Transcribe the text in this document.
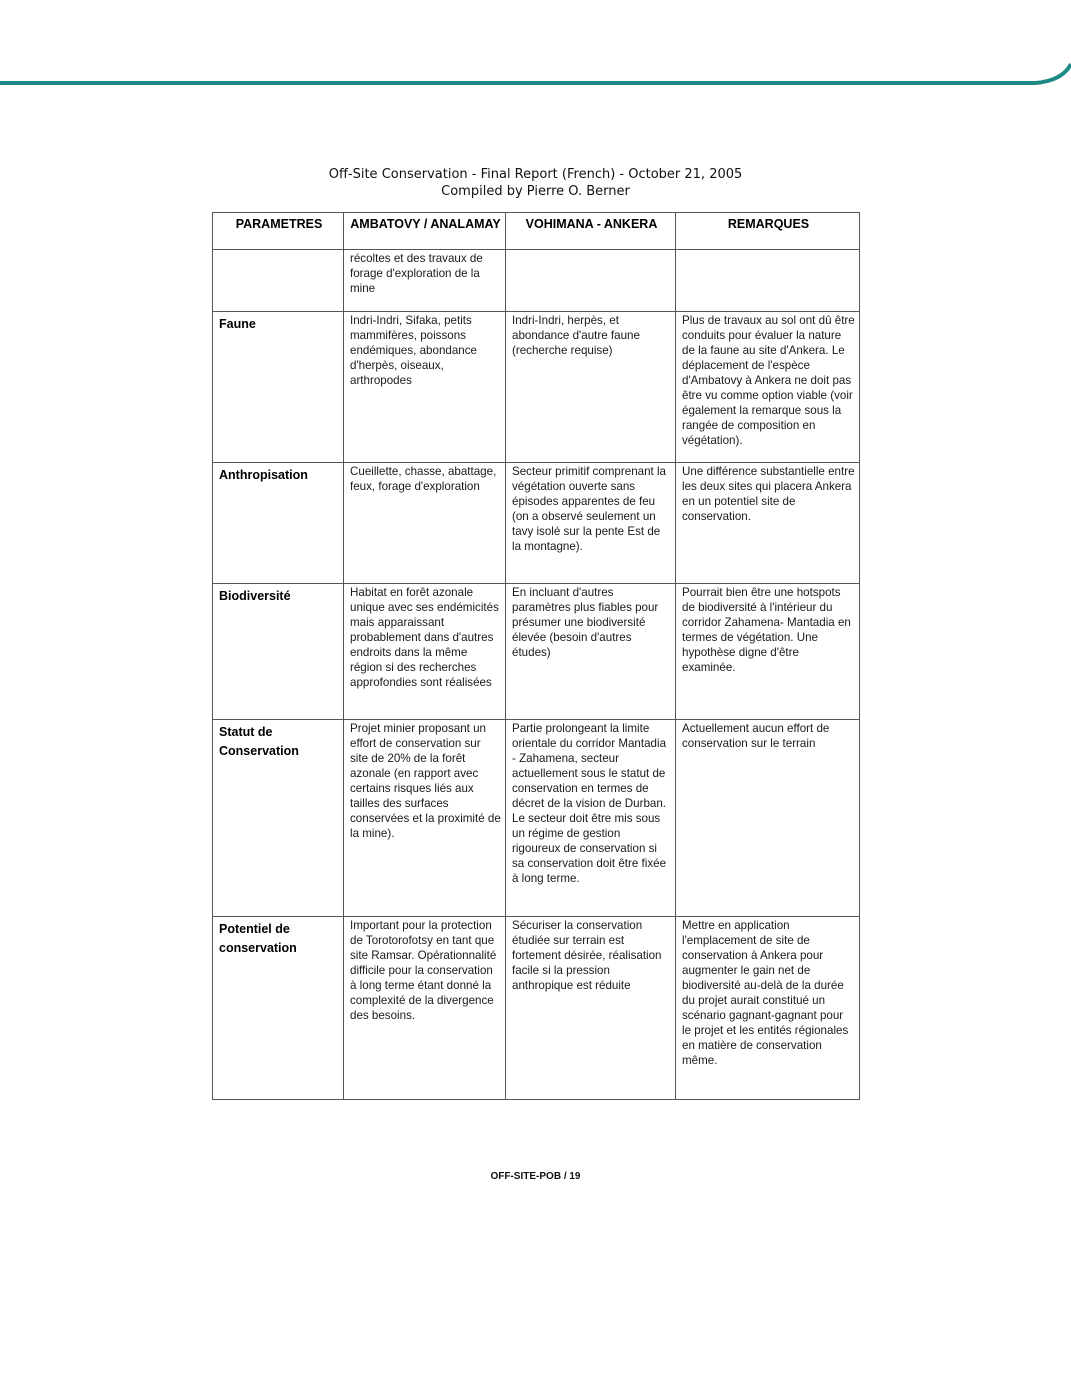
Off-Site Conservation - Final Report (French) - October 21, 2005
Compiled by Pierre O. Berner
PARAMETRES	AMBATOVY / ANALAMAY	VOHIMANA - ANKERA	REMARQUES
	récoltes et des travaux de forage d'exploration de la mine		
Faune	Indri-Indri, Sifaka, petits mammifères, poissons endémiques, abondance d'herpès, oiseaux, arthropodes	Indri-Indri, herpès, et abondance d'autre faune (recherche requise)	Plus de travaux au sol ont dû être conduits pour évaluer la nature de la faune au site d'Ankera. Le déplacement de l'espèce d'Ambatovy à Ankera ne doit pas être vu comme option viable (voir également la remarque sous la rangée de composition en végétation).
Anthropisation	Cueillette, chasse, abattage, feux, forage d'exploration	Secteur primitif comprenant la végétation ouverte sans épisodes apparentes de feu (on a observé seulement un tavy isolé sur la pente Est de la montagne).	Une différence substantielle entre les deux sites qui placera Ankera en un potentiel site de conservation.
Biodiversité	Habitat en forêt azonale unique avec ses endémicités mais apparaissant probablement dans d'autres endroits dans la même région si des recherches approfondies sont réalisées	En incluant d'autres paramètres plus fiables pour présumer une biodiversité élevée (besoin d'autres études)	Pourrait bien être une hotspots de biodiversité à l'intérieur du corridor Zahamena- Mantadia en termes de végétation. Une hypothèse digne d'être examinée.
Statut de Conservation	Projet minier proposant un effort de conservation sur site de 20% de la forêt azonale (en rapport avec certains risques liés aux tailles des surfaces conservées et la proximité de la mine).	Partie prolongeant la limite orientale du corridor Mantadia - Zahamena, secteur actuellement sous le statut de conservation en termes de décret de la vision de Durban. Le secteur doit être mis sous un régime de gestion rigoureux de conservation si sa conservation doit être fixée à long terme.	Actuellement aucun effort de conservation sur le terrain
Potentiel de conservation	Important pour la protection de Torotorofotsy en tant que site Ramsar. Opérationnalité difficile pour la conservation à long terme étant donné la complexité de la divergence des besoins.	Sécuriser la conservation étudiée sur terrain est fortement désirée, réalisation facile si la pression anthropique est réduite	Mettre en application l'emplacement de site de conservation à Ankera pour augmenter le gain net de biodiversité au-delà de la durée du projet aurait constitué un scénario gagnant-gagnant pour le projet et les entités régionales en matière de conservation même.
OFF-SITE-POB / 19
